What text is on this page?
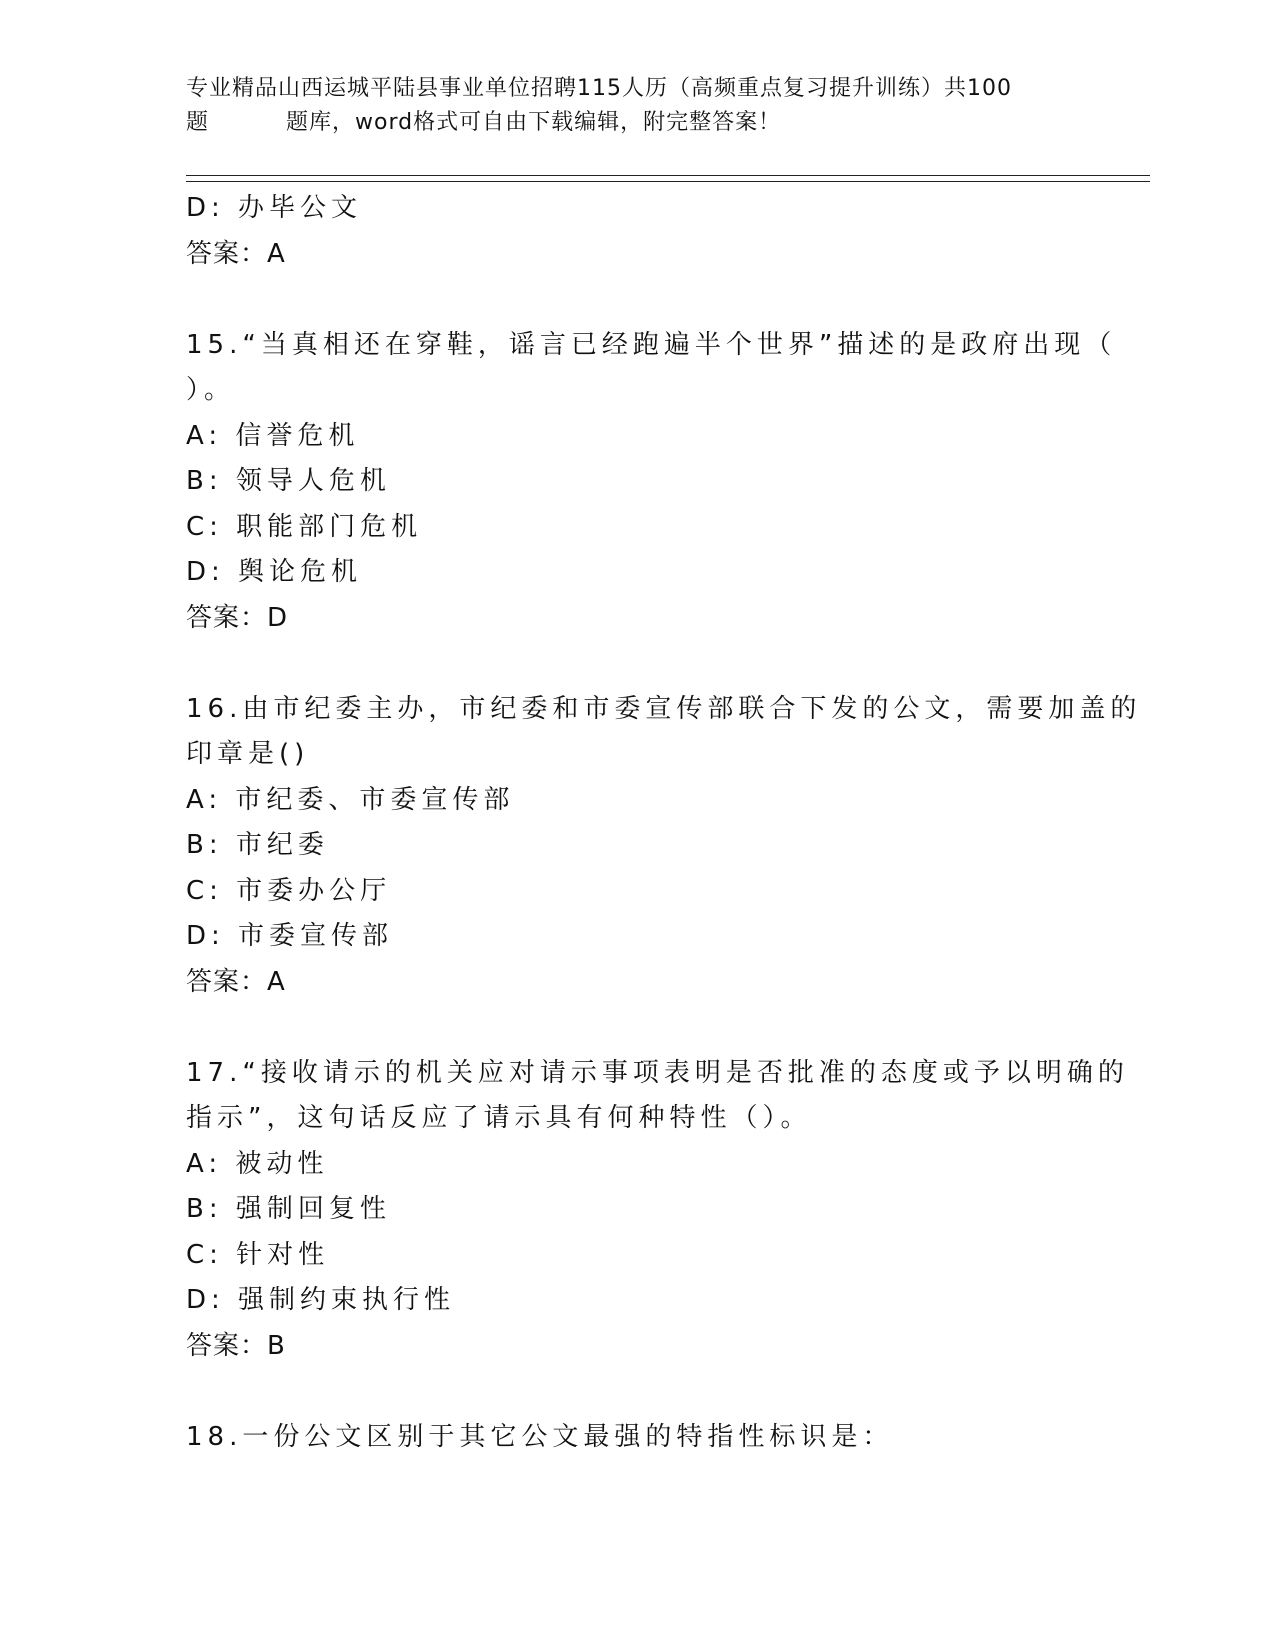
专业精品山西运城平陆县事业单位招聘115人历（高频重点复习提升训练）共100
题	题库，word格式可自由下载编辑，附完整答案！
D: 办毕公文
答案：A
15.“当真相还在穿鞋，谣言已经跑遍半个世界”描述的是政府出现（
）。
A: 信誉危机
B: 领导人危机
C: 职能部门危机
D: 舆论危机
答案：D
16.由市纪委主办，市纪委和市委宣传部联合下发的公文，需要加盖的
印章是()
A: 市纪委、市委宣传部
B: 市纪委
C: 市委办公厅
D: 市委宣传部
答案：A
17.“接收请示的机关应对请示事项表明是否批准的态度或予以明确的
指示”，这句话反应了请示具有何种特性（）。
A: 被动性
B: 强制回复性
C: 针对性
D: 强制约束执行性
答案：B
18.一份公文区别于其它公文最强的特指性标识是：
